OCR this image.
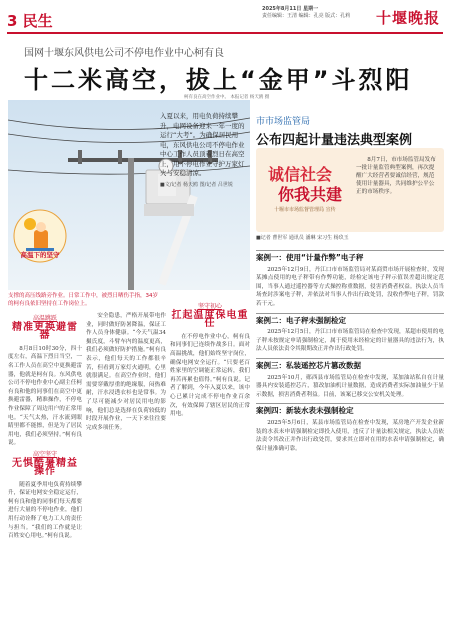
3 民生
2025年8月11日 星期一
责任编辑：王清 编辑：孔亮 版式：孔莉 十堰晚报
国网十堰东风供电公司不停电作业中心柯有良
十二米高空，拔上“金甲”斗烈阳
高温下的坚守
入夏以来，用电负荷持续攀升，电网设备迎来一年一度的运行“大考”。为确保居民用电，东风供电公司不停电作业中心工作人员顶着烈日在高空上，用不停电作业守护万家灯火与安稳清凉。
■文/记者 杨天鸥 图/记者 吕世锐
柯有良在高空作业中。 本报记者 杨天鸥 摄
支撑的高压线路旁作业。日常工作中，被烈日晒伤手指，34岁的柯有良依旧坚持在工作岗位上。
高温跳跃
精准更换避雷器

8月8日10时30分，四十度左右，高温下烈日当空，一名工作人员在高空中更换避雷器，他就是柯有良。东风供电公司不停电作业中心副主任柯有良和他的同事们在高空中更换避雷器，精准操作，不停电作业保障了周边用户的正常用电。“天气太热，汗水流到眼睛里都不能擦，但是为了居民用电，我们必须坚持。”柯有良说。

高空坚守
无惧酷暑精益操作

随着夏季用电负荷持续攀升，保证电网安全稳定运行，柯有良和他的同事们每天都要进行大量的不停电作业，他们用行动诠释了电力工人的责任与担当。“我们的工作就是让百姓安心用电。”柯有良说。

安全隐患，严格开展带电作业，同时做好防暑降温，保证工作人员身体健康。“今天气温34摄氏度，斗臂车内的温度更高，我们必须做好防护措施。”柯有良表示，他们每天的工作都很辛苦，但看到万家灯火通明，心里就很满足。在高空作业时，他们需要穿戴厚重的绝缘服，闷热难耐，汗水浸透衣衫也是常事。为了尽可能减少对居民用电的影响，他们总是选择在负荷较低的时段开展作业，一天下来往往要完成多项任务。

坚守初心
扛起温度保电重任

在不停电作业中心，柯有良和同事们已连续作战多日。面对高温挑战，他们始终坚守岗位，确保电网安全运行。“只要老百姓家里的空调能正常运转，我们再苦再累也值得。”柯有良说。记者了解到，今年入夏以来，该中心已累计完成不停电作业百余次，有效保障了辖区居民的正常用电。

市市场监管局
公布四起计量违法典型案例
诚信社会
你我共建
十堰市市场监督管理局 宣传

8月7日，市市场监管局发布一批计量监管典型案例，再次提醒广大经营者要诚信经营，规范使用计量器具，共同维护公平公正的市场秩序。

■记者 曹世军 通讯员 潘琳 宋习生 杨玖玉
案例一：使用“计量作弊”电子秤

2025年12月9日，丹江口市市场监管局对某商贸市场开展检查时，发现某摊点使用的电子秤带有作弊功能，经检定该电子秤示值误差超出规定范围，当事人通过遥控器等方式操控称重数据，侵害消费者权益。执法人员当场查封涉案电子秤，并依法对当事人作出行政处罚，没收作弊电子秤，罚款若干元。

案例二：电子秤未强制检定

2025年12月5日，丹江口市市场监管局在检查中发现，某超市使用的电子秤未按规定申请强制检定，属于使用未经检定的计量器具的违法行为，执法人员依法责令其限期改正并作出行政处罚。

案例三：私装遥控芯片篡改数据

2025年10月，郧西县市场监管局在检查中发现，某加油站私自在计量器具内安装遥控芯片，篡改加油机计量数据，造成消费者实际加油量少于显示数据，损害消费者利益。目前，该案已移交公安机关处理。

案例四：新装水表未强制检定

2025年5月6日，某县市场监管局在检查中发现，某房地产开发企业新装的水表未申请强制检定即投入使用，违反了计量法相关规定，执法人员依法责令其改正并作出行政处罚，要求其立即对在用的水表申请强制检定，确保计量准确可靠。
